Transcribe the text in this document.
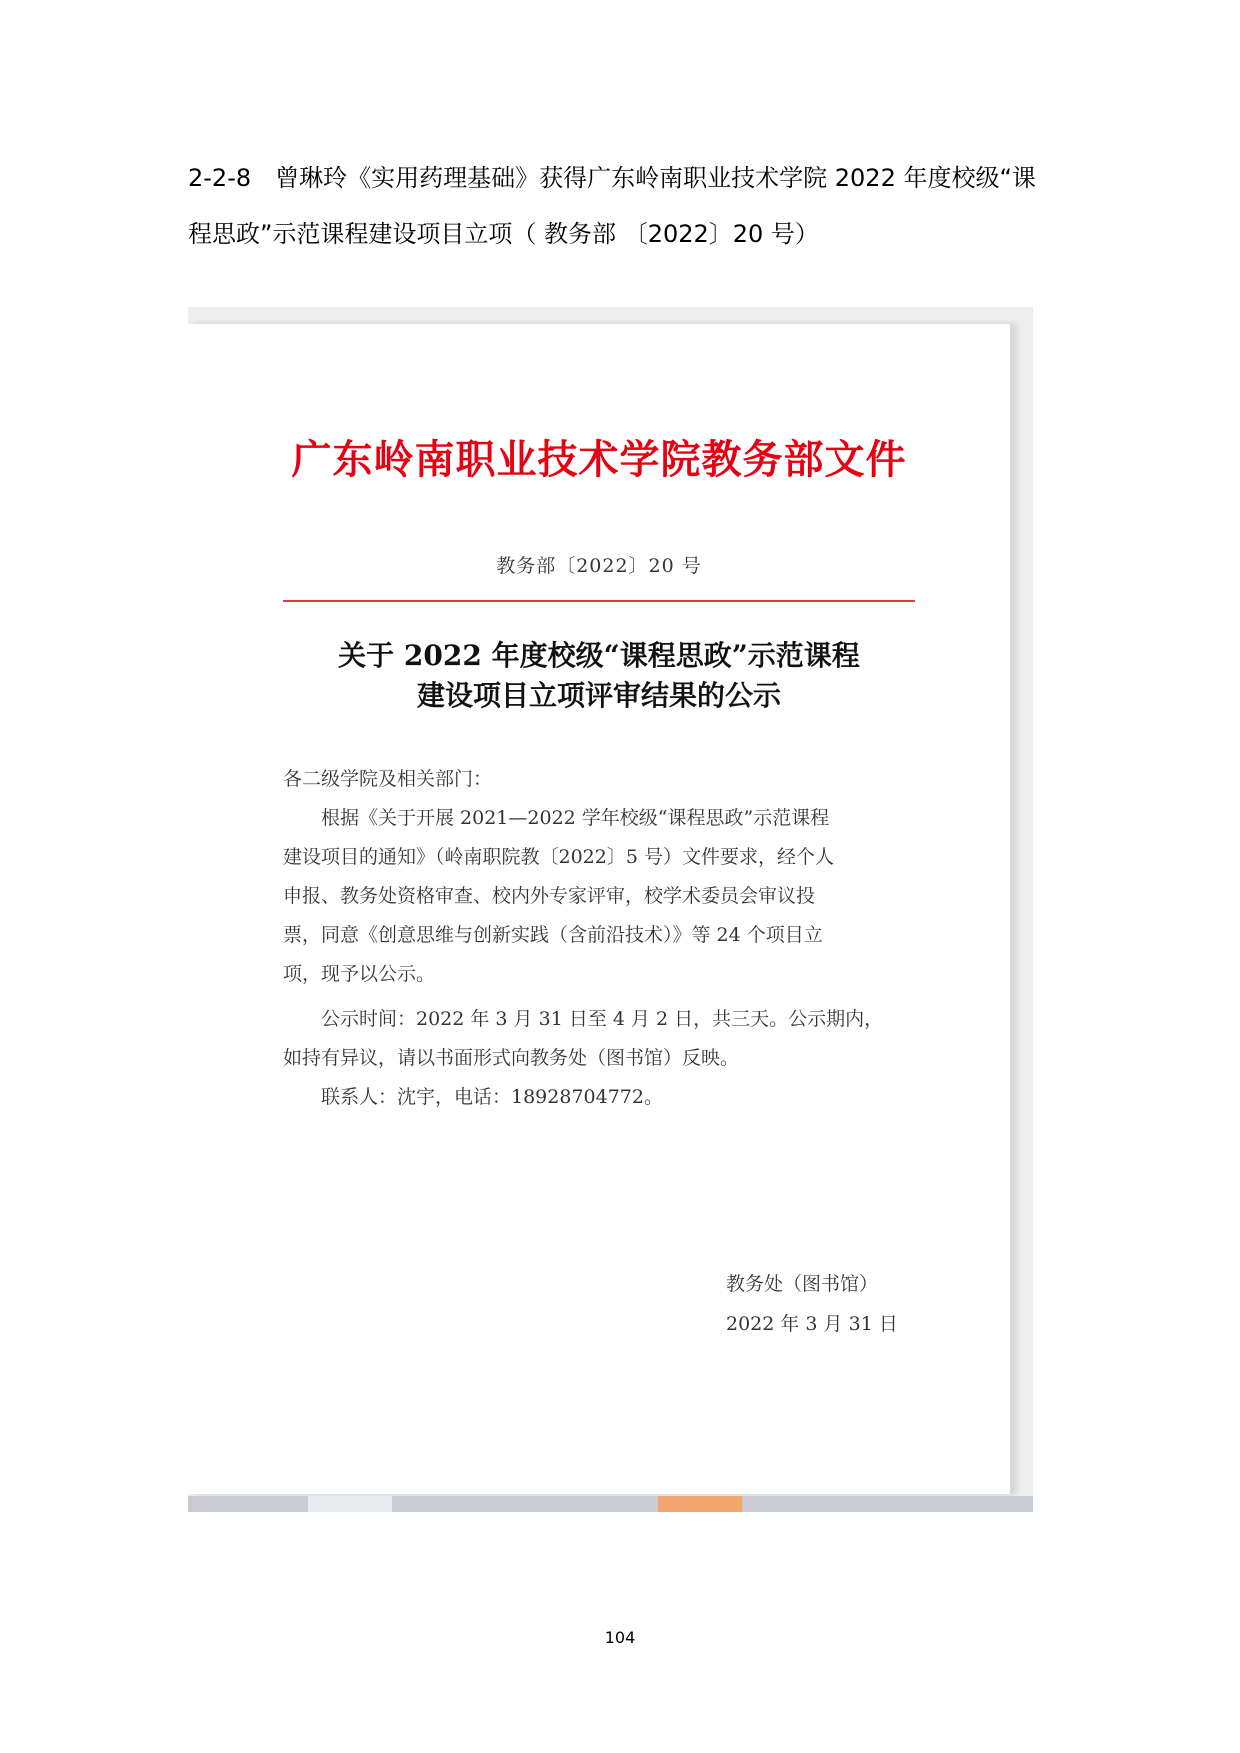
2-2-8　曾琳玲《实用药理基础》获得广东岭南职业技术学院 2022 年度校级“课
程思政”示范课程建设项目立项（ 教务部 〔2022〕20 号）
广东岭南职业技术学院教务部文件
教务部〔2022〕20 号
关于 2022 年度校级“课程思政”示范课程
建设项目立项评审结果的公示
各二级学院及相关部门：
　　根据《关于开展 2021—2022 学年校级“课程思政”示范课程
建设项目的通知》（岭南职院教〔2022〕5 号）文件要求，经个人
申报、教务处资格审查、校内外专家评审，校学术委员会审议投
票，同意《创意思维与创新实践（含前沿技术）》等 24 个项目立
项，现予以公示。
　　公示时间：2022 年 3 月 31 日至 4 月 2 日，共三天。公示期内，
如持有异议，请以书面形式向教务处（图书馆）反映。
　　联系人：沈宇，电话：18928704772。
教务处（图书馆）
2022 年 3 月 31 日
104
